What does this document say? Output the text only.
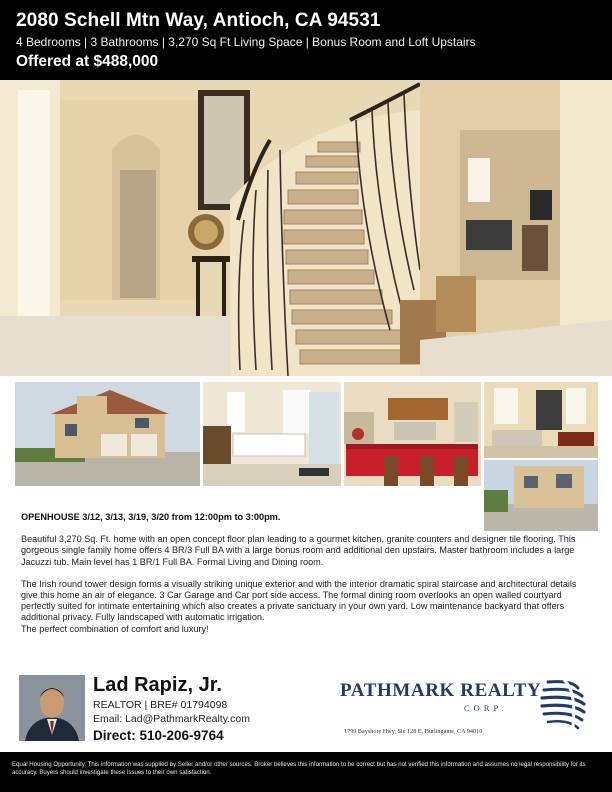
2080 Schell Mtn Way, Antioch, CA 94531
4 Bedrooms | 3 Bathrooms | 3,270 Sq Ft Living Space | Bonus Room and Loft Upstairs
Offered at $488,000
OPENHOUSE 3/12, 3/13, 3/19, 3/20 from 12:00pm to 3:00pm.

Beautiful 3,270 Sq. Ft. home with an open concept floor plan leading to a gourmet kitchen, granite counters and designer tile flooring. This gorgeous single family home offers 4 BR/3 Full BA with a large bonus room and additional den upstairs. Master bathroom includes a large Jacuzzi tub. Main level has 1 BR/1 Full BA. Formal Living and Dining room.

The Irish round tower design forms a visually striking unique exterior and with the interior dramatic spiral staircase and architectural details give this home an air of elegance. 3 Car Garage and Car port side access. The formal dining room overlooks an open walled courtyard perfectly suited for intimate entertaining which also creates a private sanctuary in your own yard. Low maintenance backyard that offers additional privacy. Fully landscaped with automatic irrigation.
The perfect combination of comfort and luxury!

Lad Rapiz, Jr.
REALTOR | BRE# 01794098
Email: Lad@PathmarkRealty.com
Direct: 510-206-9764
PATHMARK REALTY
CORP.
1799 Bayshore Hwy, Ste 128 E, Burlingame, CA 94010
Equal Housing Opportunity. This information was supplied by Seller and/or other sources. Broker believes this information to be correct but has not verified this information and assumes no legal responsibility for its accuracy. Buyers should investigate these issues to their own satisfaction.
